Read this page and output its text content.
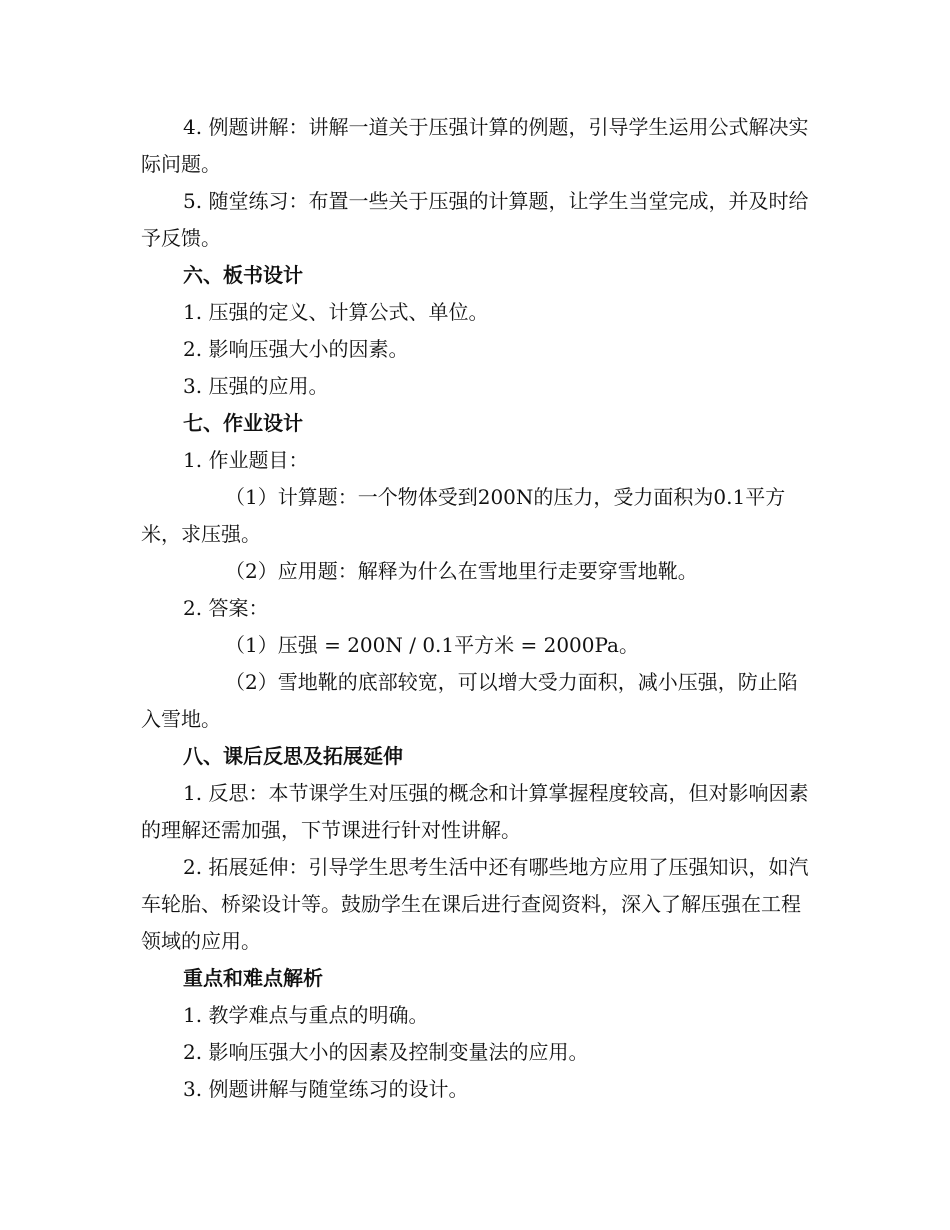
4. 例题讲解：讲解一道关于压强计算的例题，引导学生运用公式解决实际问题。

5. 随堂练习：布置一些关于压强的计算题，让学生当堂完成，并及时给予反馈。

六、板书设计

1. 压强的定义、计算公式、单位。

2. 影响压强大小的因素。

3. 压强的应用。

七、作业设计

1. 作业题目：

（1）计算题：一个物体受到200N的压力，受力面积为0.1平方米，求压强。

（2）应用题：解释为什么在雪地里行走要穿雪地靴。

2. 答案：

（1）压强 = 200N / 0.1平方米 = 2000Pa。

（2）雪地靴的底部较宽，可以增大受力面积，减小压强，防止陷入雪地。

八、课后反思及拓展延伸

1. 反思：本节课学生对压强的概念和计算掌握程度较高，但对影响因素的理解还需加强，下节课进行针对性讲解。

2. 拓展延伸：引导学生思考生活中还有哪些地方应用了压强知识，如汽车轮胎、桥梁设计等。鼓励学生在课后进行查阅资料，深入了解压强在工程领域的应用。

重点和难点解析

1. 教学难点与重点的明确。

2. 影响压强大小的因素及控制变量法的应用。

3. 例题讲解与随堂练习的设计。
